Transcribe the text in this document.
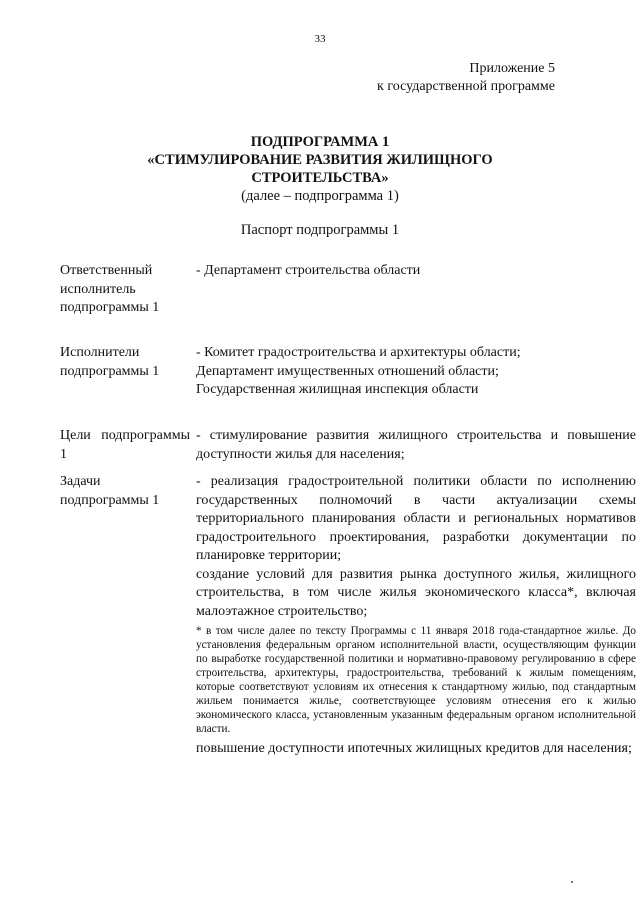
33
Приложение 5
к государственной программе
ПОДПРОГРАММА 1
«СТИМУЛИРОВАНИЕ РАЗВИТИЯ ЖИЛИЩНОГО
СТРОИТЕЛЬСТВА»
(далее – подпрограмма 1)
Паспорт подпрограммы 1
Ответственный исполнитель подпрограммы 1
- Департамент строительства области
Исполнители подпрограммы 1

- Комитет градостроительства и архитектуры области;

Департамент имущественных отношений области;

Государственная жилищная инспекция области

Цели подпрограммы 1
- стимулирование развития жилищного строительства и повышение доступности жилья для населения;
Задачи подпрограммы 1

- реализация градостроительной политики области по исполнению государственных полномочий в части актуализации схемы территориального планирования области и региональных нормативов градостроительного проектирования, разработки документации по планировке территории;

создание условий для развития рынка доступного жилья, жилищного строительства, в том числе жилья экономического класса*, включая малоэтажное строительство;

* в том числе далее по тексту Программы с 11 января 2018 года-стандартное жилье. До установления федеральным органом исполнительной власти, осуществляющим функции по выработке государственной политики и нормативно-правовому регулированию в сфере строительства, архитектуры, градостроительства, требований к жилым помещениям, которые соответствуют условиям их отнесения к стандартному жилью, под стандартным жильем понимается жилье, соответствующее условиям отнесения его к жилью экономического класса, установленным указанным федеральным органом исполнительной власти.

повышение доступности ипотечных жилищных кредитов для населения;
